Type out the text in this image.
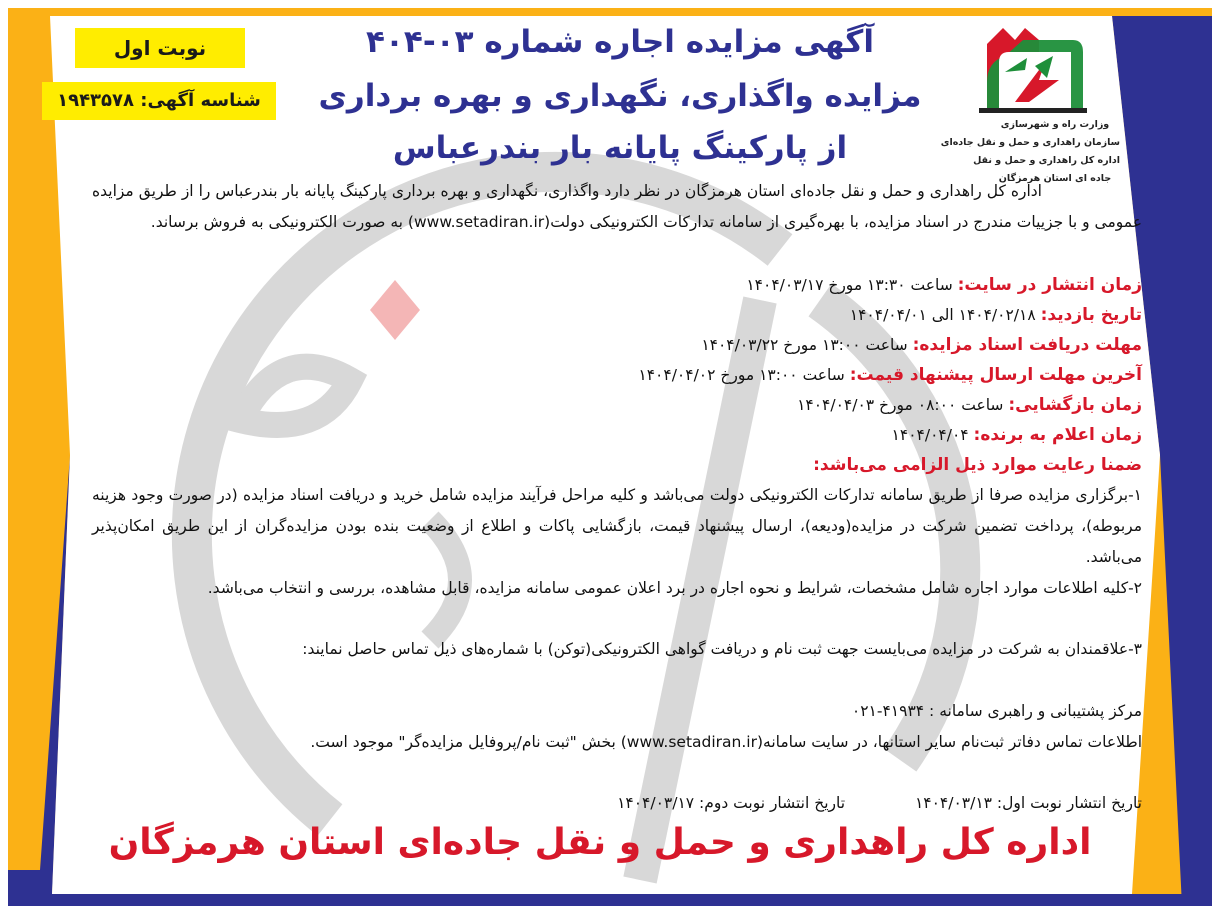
نوبت اول
شناسه آگهی: ۱۹۴۳۵۷۸
آگهی مزایده اجاره شماره ۰۳-۴۰۴
مزایده واگذاری، نگهداری و بهره برداری
از پارکینگ پایانه بار بندرعباس
وزارت راه و شهرسازی
سازمان راهداری و حمل و نقل جاده‌ای
اداره کل راهداری و حمل و نقل
جاده ای استان هرمزگان
اداره کل راهداری و حمل و نقل جاده‌ای استان هرمزگان در نظر دارد واگذاری، نگهداری و بهره برداری پارکینگ پایانه بار بندرعباس را از طریق مزایده عمومی و با جزییات مندرج در اسناد مزایده، با بهره‌گیری از سامانه تدارکات الکترونیکی دولت(www.setadiran.ir) به صورت الکترونیکی به فروش برساند.
زمان انتشار در سایت: ساعت ۱۳:۳۰ مورخ ۱۴۰۴/۰۳/۱۷
تاریخ بازدید: ۱۴۰۴/۰۲/۱۸ الی ۱۴۰۴/۰۴/۰۱
مهلت دریافت اسناد مزایده: ساعت ۱۳:۰۰ مورخ ۱۴۰۴/۰۳/۲۲
آخرین مهلت ارسال پیشنهاد قیمت: ساعت ۱۳:۰۰ مورخ ۱۴۰۴/۰۴/۰۲
زمان بازگشایی: ساعت ۰۸:۰۰ مورخ ۱۴۰۴/۰۴/۰۳
زمان اعلام به برنده: ۱۴۰۴/۰۴/۰۴
ضمنا رعایت موارد ذیل الزامی می‌باشد:
۱-برگزاری مزایده صرفا از طریق سامانه تدارکات الکترونیکی دولت می‌باشد و کلیه مراحل فرآیند مزایده شامل خرید و دریافت اسناد مزایده (در صورت وجود هزینه مربوطه)، پرداخت تضمین شرکت در مزایده(ودیعه)، ارسال پیشنهاد قیمت، بازگشایی پاکات و اطلاع از وضعیت بنده بودن مزایده‌گران از این طریق امکان‌پذیر می‌باشد.
۲-کلیه اطلاعات موارد اجاره شامل مشخصات، شرایط و نحوه اجاره در برد اعلان عمومی سامانه مزایده، قابل مشاهده، بررسی و انتخاب می‌باشد.
۳-علاقمندان به شرکت در مزایده می‌بایست جهت ثبت نام و دریافت گواهی الکترونیکی(توکن) با شماره‌های ذیل تماس حاصل نمایند:
مرکز پشتیبانی و راهبری سامانه : ۴۱۹۳۴-۰۲۱
اطلاعات تماس دفاتر ثبت‌نام سایر استانها، در سایت سامانه(www.setadiran.ir) بخش "ثبت نام/پروفایل مزایده‌گر" موجود است.
تاریخ انتشار نوبت اول: ۱۴۰۴/۰۳/۱۳  تاریخ انتشار نوبت دوم: ۱۴۰۴/۰۳/۱۷
اداره کل راهداری و حمل و نقل جاده‌ای استان هرمزگان
